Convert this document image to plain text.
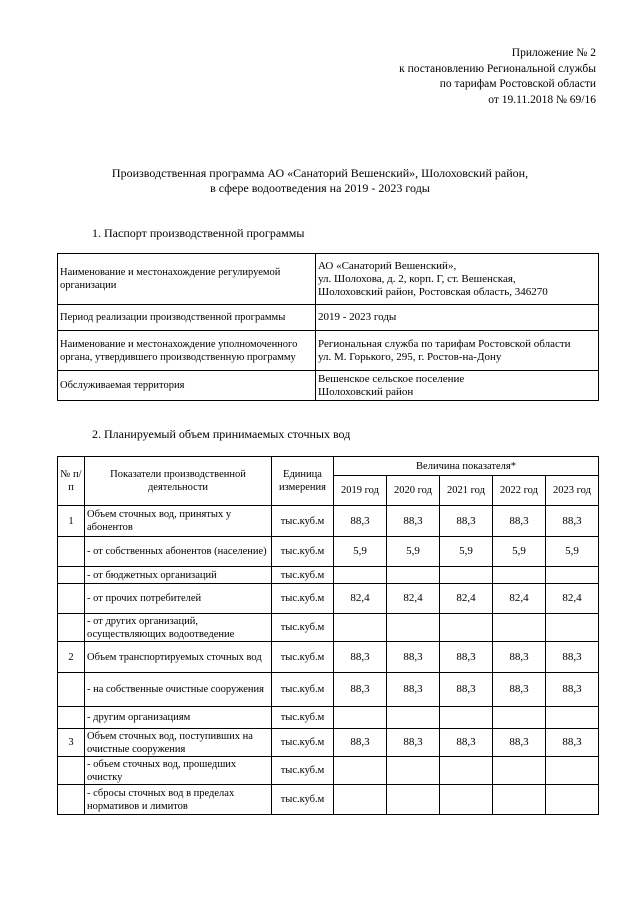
Приложение № 2
к постановлению Региональной службы
по тарифам Ростовской области
от 19.11.2018 № 69/16
Производственная программа АО «Санаторий Вешенский», Шолоховский район,
в сфере водоотведения на 2019 - 2023 годы
1. Паспорт производственной программы
Наименование и местонахождение регулируемой организации	АО «Санаторий Вешенский»,
ул. Шолохова, д. 2, корп. Г, ст. Вешенская,
Шолоховский район, Ростовская область, 346270

Период реализации производственной программы	2019 - 2023 годы

Наименование и местонахождение уполномоченного органа, утвердившего производственную программу	Региональная служба по тарифам Ростовской области
ул. М. Горького, 295, г. Ростов-на-Дону

Обслуживаемая территория	Вешенское сельское поселение
Шолоховский район
2. Планируемый объем принимаемых сточных вод
№ п/п	Показатели производственной деятельности	Единица измерения	Величина показателя*				
			2019 год	2020 год	2021 год	2022 год	2023 год
1	Объем сточных вод, принятых у абонентов	тыс.куб.м	88,3	88,3	88,3	88,3	88,3
	- от собственных абонентов (население)	тыс.куб.м	5,9	5,9	5,9	5,9	5,9
	- от бюджетных организаций	тыс.куб.м					
	- от прочих потребителей	тыс.куб.м	82,4	82,4	82,4	82,4	82,4
	- от других организаций, осуществляющих водоотведение	тыс.куб.м					
2	Объем транспортируемых сточных вод	тыс.куб.м	88,3	88,3	88,3	88,3	88,3
	- на собственные очистные сооружения	тыс.куб.м	88,3	88,3	88,3	88,3	88,3
	- другим организациям	тыс.куб.м					
3	Объем сточных вод, поступивших на очистные сооружения	тыс.куб.м	88,3	88,3	88,3	88,3	88,3
	- объем сточных вод, прошедших очистку	тыс.куб.м					
	- сбросы сточных вод в пределах нормативов и лимитов	тыс.куб.м					
